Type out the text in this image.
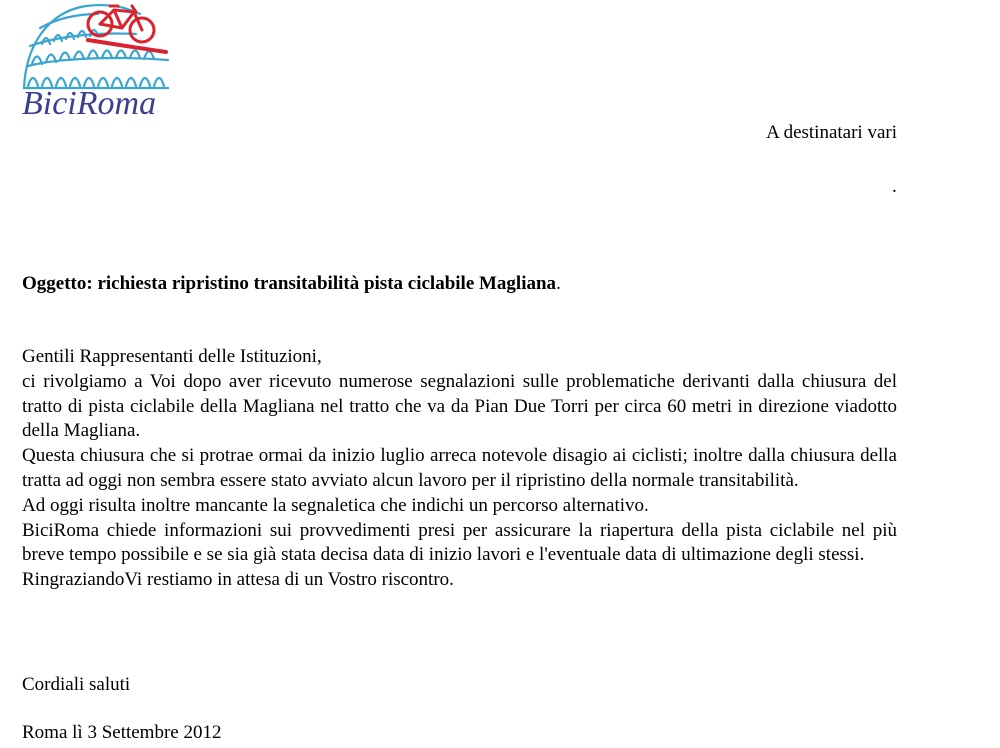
BiciRoma
A destinatari vari
.
Oggetto: richiesta ripristino transitabilità pista ciclabile Magliana.

Gentili Rappresentanti delle Istituzioni,

ci rivolgiamo a Voi dopo aver ricevuto numerose segnalazioni sulle problematiche derivanti dalla chiusura del tratto di pista ciclabile della Magliana nel tratto che va da Pian Due Torri per circa 60 metri in direzione viadotto della Magliana.

Questa chiusura che si protrae ormai da inizio luglio arreca notevole disagio ai ciclisti; inoltre dalla chiusura della tratta ad oggi non sembra essere stato avviato alcun lavoro per il ripristino della normale transitabilità.

Ad oggi risulta inoltre mancante la segnaletica che indichi un percorso alternativo.

BiciRoma chiede informazioni sui provvedimenti presi per assicurare la riapertura della pista ciclabile nel più breve tempo possibile e se sia già stata decisa data di inizio lavori e l'eventuale data di ultimazione degli stessi.

RingraziandoVi restiamo in attesa di un Vostro riscontro.

Cordiali saluti
Roma lì 3 Settembre 2012
